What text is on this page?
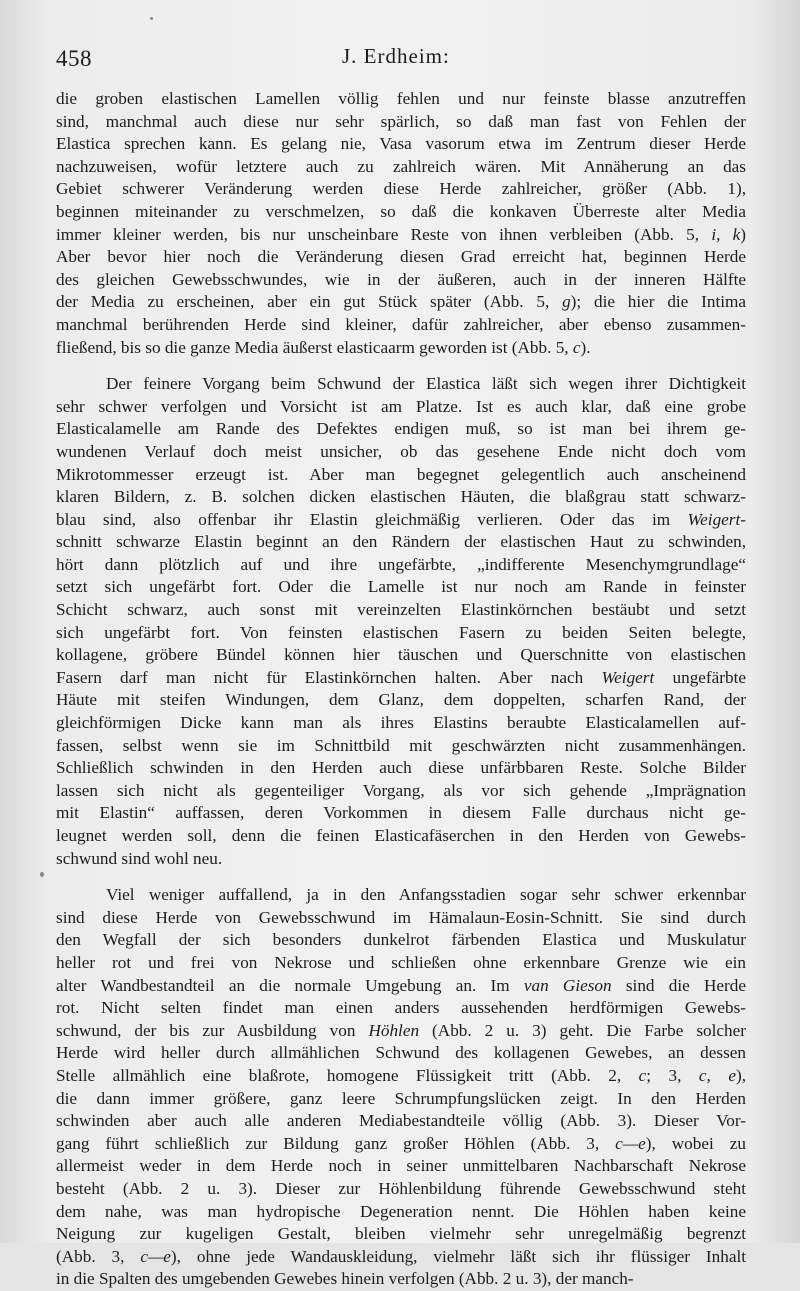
458	J. Erdheim:
die groben elastischen Lamellen völlig fehlen und nur feinste blasse anzutreffen
sind, manchmal auch diese nur sehr spärlich, so daß man fast von Fehlen der
Elastica sprechen kann. Es gelang nie, Vasa vasorum etwa im Zentrum dieser Herde
nachzuweisen, wofür letztere auch zu zahlreich wären. Mit Annäherung an das
Gebiet schwerer Veränderung werden diese Herde zahlreicher, größer (Abb. 1),
beginnen miteinander zu verschmelzen, so daß die konkaven Überreste alter Media
immer kleiner werden, bis nur unscheinbare Reste von ihnen verbleiben (Abb. 5, i, k)
Aber bevor hier noch die Veränderung diesen Grad erreicht hat, beginnen Herde
des gleichen Gewebsschwundes, wie in der äußeren, auch in der inneren Hälfte
der Media zu erscheinen, aber ein gut Stück später (Abb. 5, g); die hier die Intima
manchmal berührenden Herde sind kleiner, dafür zahlreicher, aber ebenso zusammen-
fließend, bis so die ganze Media äußerst elasticaarm geworden ist (Abb. 5, c).
Der feinere Vorgang beim Schwund der Elastica läßt sich wegen ihrer Dichtigkeit
sehr schwer verfolgen und Vorsicht ist am Platze. Ist es auch klar, daß eine grobe
Elasticalamelle am Rande des Defektes endigen muß, so ist man bei ihrem ge-
wundenen Verlauf doch meist unsicher, ob das gesehene Ende nicht doch vom
Mikrotommesser erzeugt ist. Aber man begegnet gelegentlich auch anscheinend
klaren Bildern, z. B. solchen dicken elastischen Häuten, die blaßgrau statt schwarz-
blau sind, also offenbar ihr Elastin gleichmäßig verlieren. Oder das im Weigert-
schnitt schwarze Elastin beginnt an den Rändern der elastischen Haut zu schwinden,
hört dann plötzlich auf und ihre ungefärbte, „indifferente Mesenchymgrundlage“
setzt sich ungefärbt fort. Oder die Lamelle ist nur noch am Rande in feinster
Schicht schwarz, auch sonst mit vereinzelten Elastinkörnchen bestäubt und setzt
sich ungefärbt fort. Von feinsten elastischen Fasern zu beiden Seiten belegte,
kollagene, gröbere Bündel können hier täuschen und Querschnitte von elastischen
Fasern darf man nicht für Elastinkörnchen halten. Aber nach Weigert ungefärbte
Häute mit steifen Windungen, dem Glanz, dem doppelten, scharfen Rand, der
gleichförmigen Dicke kann man als ihres Elastins beraubte Elasticalamellen auf-
fassen, selbst wenn sie im Schnittbild mit geschwärzten nicht zusammenhängen.
Schließlich schwinden in den Herden auch diese unfärbbaren Reste. Solche Bilder
lassen sich nicht als gegenteiliger Vorgang, als vor sich gehende „Imprägnation
mit Elastin“ auffassen, deren Vorkommen in diesem Falle durchaus nicht ge-
leugnet werden soll, denn die feinen Elasticafäserchen in den Herden von Gewebs-
schwund sind wohl neu.
Viel weniger auffallend, ja in den Anfangsstadien sogar sehr schwer erkennbar
sind diese Herde von Gewebsschwund im Hämalaun-Eosin-Schnitt. Sie sind durch
den Wegfall der sich besonders dunkelrot färbenden Elastica und Muskulatur
heller rot und frei von Nekrose und schließen ohne erkennbare Grenze wie ein
alter Wandbestandteil an die normale Umgebung an. Im van Gieson sind die Herde
rot. Nicht selten findet man einen anders aussehenden herdförmigen Gewebs-
schwund, der bis zur Ausbildung von Höhlen (Abb. 2 u. 3) geht. Die Farbe solcher
Herde wird heller durch allmählichen Schwund des kollagenen Gewebes, an dessen
Stelle allmählich eine blaßrote, homogene Flüssigkeit tritt (Abb. 2, c; 3, c, e),
die dann immer größere, ganz leere Schrumpfungslücken zeigt. In den Herden
schwinden aber auch alle anderen Mediabestandteile völlig (Abb. 3). Dieser Vor-
gang führt schließlich zur Bildung ganz großer Höhlen (Abb. 3, c—e), wobei zu
allermeist weder in dem Herde noch in seiner unmittelbaren Nachbarschaft Nekrose
besteht (Abb. 2 u. 3). Dieser zur Höhlenbildung führende Gewebsschwund steht
dem nahe, was man hydropische Degeneration nennt. Die Höhlen haben keine
Neigung zur kugeligen Gestalt, bleiben vielmehr sehr unregelmäßig begrenzt
(Abb. 3, c—e), ohne jede Wandauskleidung, vielmehr läßt sich ihr flüssiger Inhalt
in die Spalten des umgebenden Gewebes hinein verfolgen (Abb. 2 u. 3), der manch-
